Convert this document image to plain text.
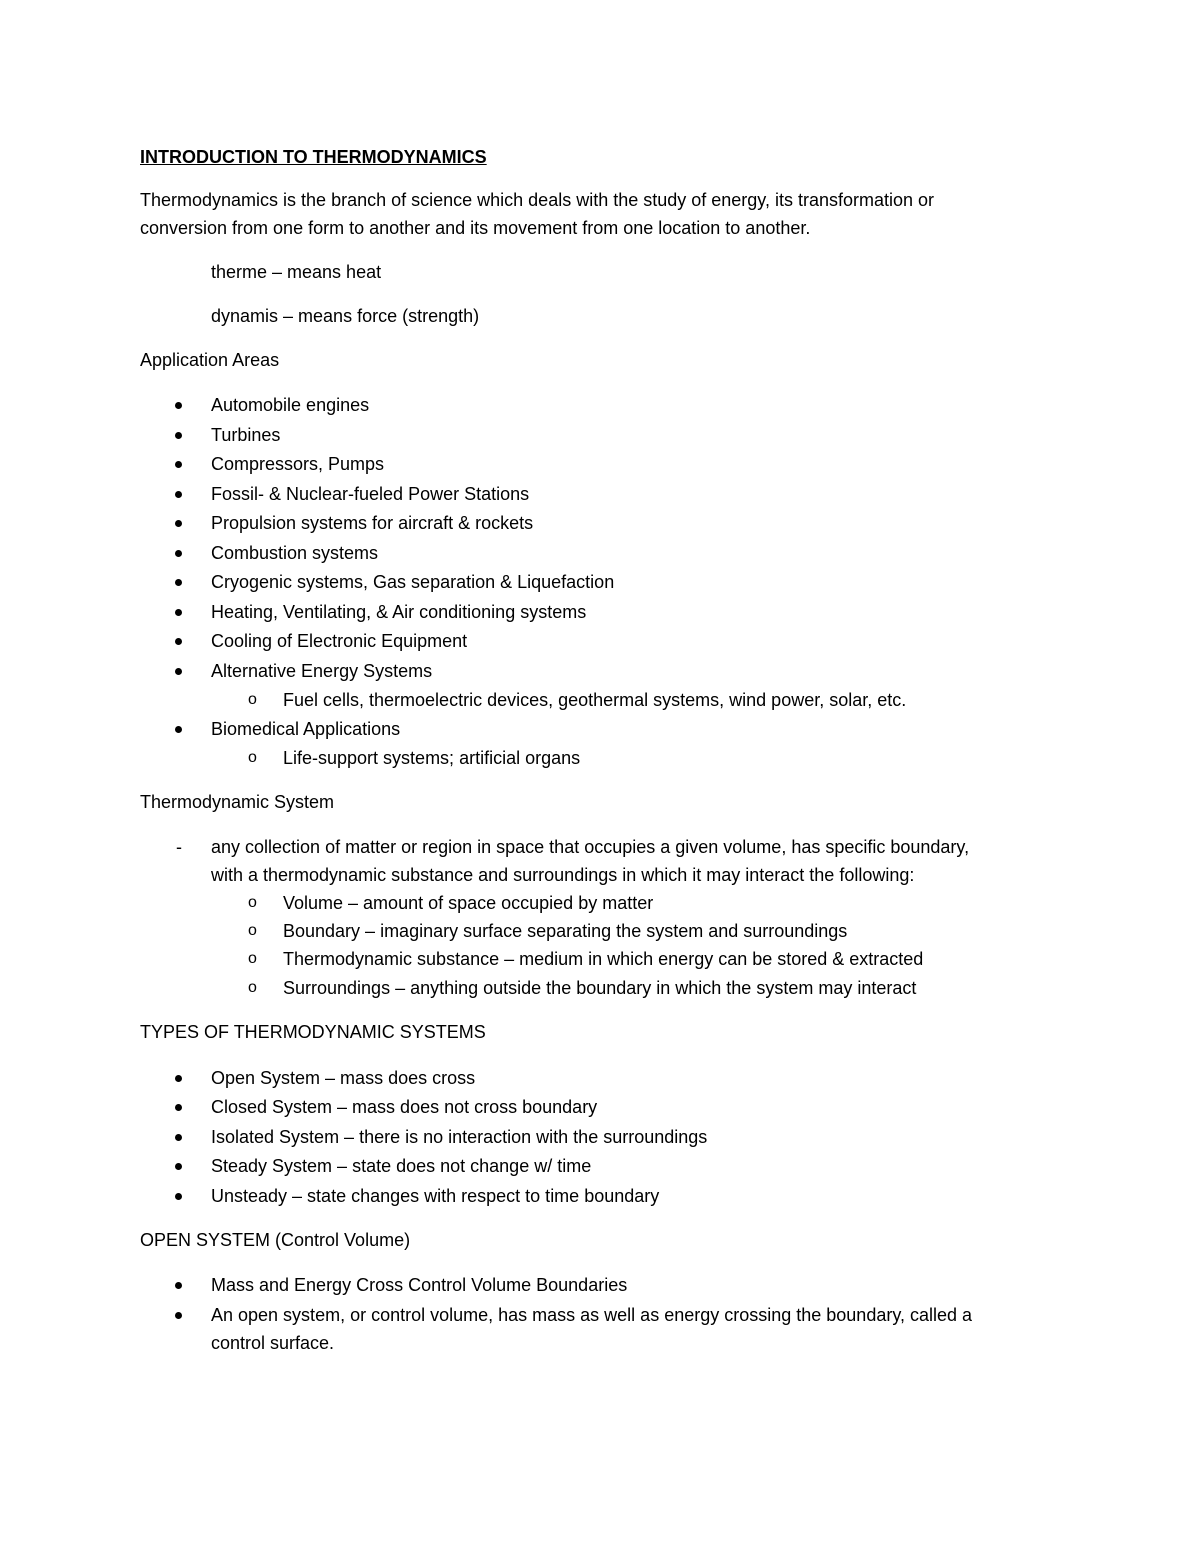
INTRODUCTION TO THERMODYNAMICS
Thermodynamics is the branch of science which deals with the study of energy, its transformation or
conversion from one form to another and its movement from one location to another.
therme – means heat
dynamis – means force (strength)
Application Areas
Automobile engines
Turbines
Compressors, Pumps
Fossil- & Nuclear-fueled Power Stations
Propulsion systems for aircraft & rockets
Combustion systems
Cryogenic systems, Gas separation & Liquefaction
Heating, Ventilating, & Air conditioning systems
Cooling of Electronic Equipment
Alternative Energy Systems
o Fuel cells, thermoelectric devices, geothermal systems, wind power, solar, etc.
Biomedical Applications
o Life-support systems; artificial organs
Thermodynamic System
- any collection of matter or region in space that occupies a given volume, has specific boundary,
with a thermodynamic substance and surroundings in which it may interact the following:
o Volume – amount of space occupied by matter
o Boundary – imaginary surface separating the system and surroundings
o Thermodynamic substance – medium in which energy can be stored & extracted
o Surroundings – anything outside the boundary in which the system may interact
TYPES OF THERMODYNAMIC SYSTEMS
Open System – mass does cross
Closed System – mass does not cross boundary
Isolated System – there is no interaction with the surroundings
Steady System – state does not change w/ time
Unsteady – state changes with respect to time boundary
OPEN SYSTEM (Control Volume)
Mass and Energy Cross Control Volume Boundaries
An open system, or control volume, has mass as well as energy crossing the boundary, called a
control surface.
